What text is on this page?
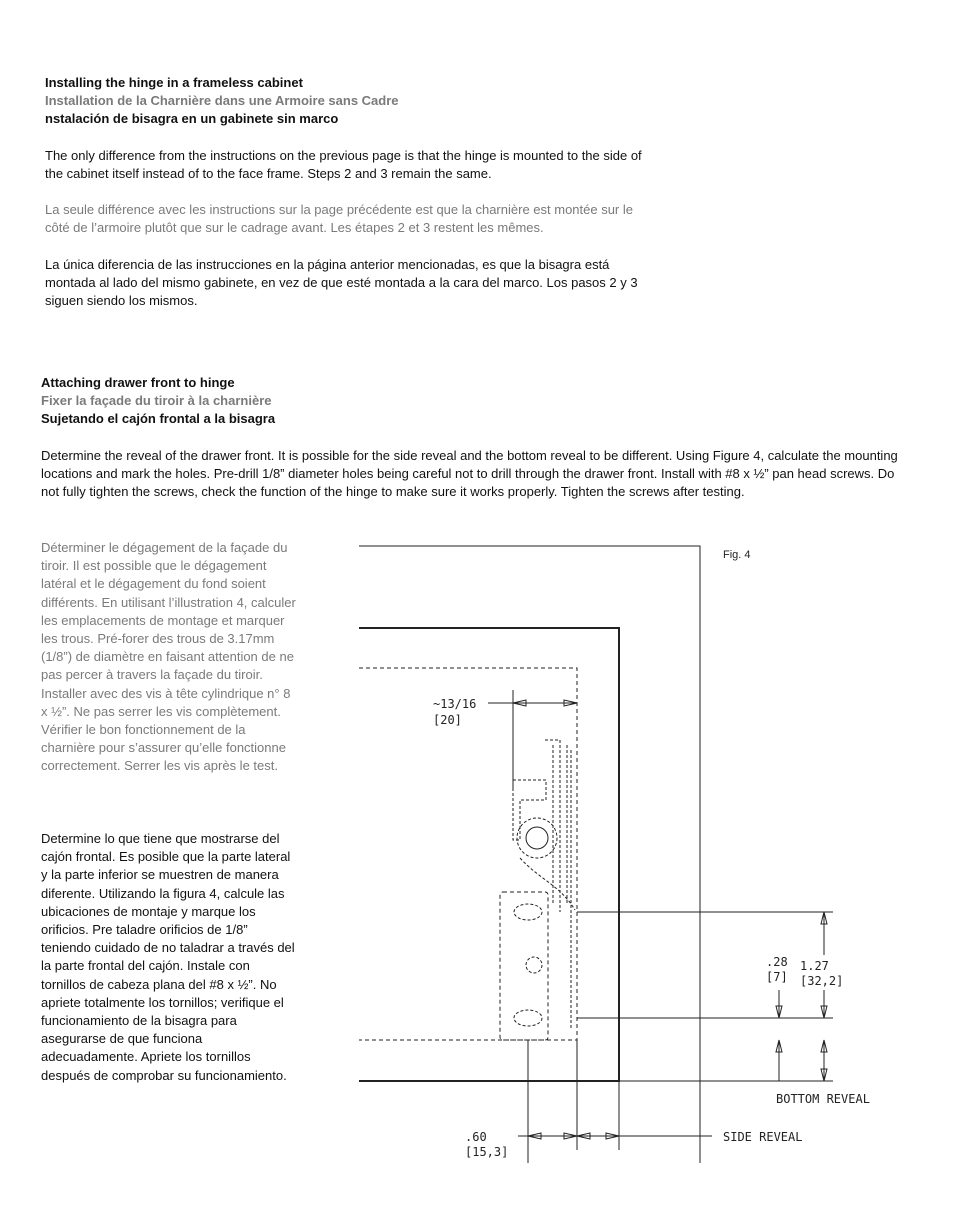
Installing the hinge in a frameless cabinet
Installation de la Charnière dans une Armoire sans Cadre
nstalación de bisagra en un gabinete sin marco

The only difference from the instructions on the previous page is that the hinge is mounted to the side of the cabinet itself instead of to the face frame. Steps 2 and 3 remain the same.

La seule différence avec les instructions sur la page précédente est que la charnière est montée sur le côté de l’armoire plutôt que sur le cadrage avant. Les étapes 2 et 3 restent les mêmes.

La única diferencia de las instrucciones en la página anterior mencionadas, es que la bisagra está montada al lado del mismo gabinete, en vez de que esté montada a la cara del marco. Los pasos 2 y 3 siguen siendo los mismos.

Attaching drawer front to hinge
Fixer la façade du tiroir à la charnière
Sujetando el cajón frontal a la bisagra

Determine the reveal of the drawer front. It is possible for the side reveal and the bottom reveal to be different. Using Figure 4, calculate the mounting locations and mark the holes. Pre-drill 1/8” diameter holes being careful not to drill through the drawer front. Install with #8 x ½” pan head screws. Do not fully tighten the screws, check the function of the hinge to make sure it works properly. Tighten the screws after testing.

Déterminer le dégagement de la façade du tiroir. Il est possible que le dégagement latéral et le dégagement du fond soient différents. En utilisant l’illustration 4, calculer les emplacements de montage et marquer les trous. Pré-forer des trous de 3.17mm (1/8”) de diamètre en faisant attention de ne pas percer à travers la façade du tiroir. Installer avec des vis à tête cylindrique n° 8 x ½”. Ne pas serrer les vis complètement. Vérifier le bon fonctionnement de la charnière pour s’assurer qu’elle fonctionne correctement. Serrer les vis après le test.

Determine lo que tiene que mostrarse del cajón frontal. Es posible que la parte lateral y la parte inferior se muestren de manera diferente. Utilizando la figura 4, calcule las ubicaciones de montaje y marque los orificios. Pre taladre orificios de 1/8” teniendo cuidado de no taladrar a través del la parte frontal del cajón. Instale con tornillos de cabeza plana del #8 x ½”. No apriete totalmente los tornillos; verifique el funcionamiento de la bisagra para asegurarse de que funciona adecuadamente. Apriete los tornillos después de comprobar su funcionamiento.

Fig. 4
~13/16
[20]
.28
[7]
1.27
[32,2]
BOTTOM REVEAL
.60
[15,3]
SIDE REVEAL
